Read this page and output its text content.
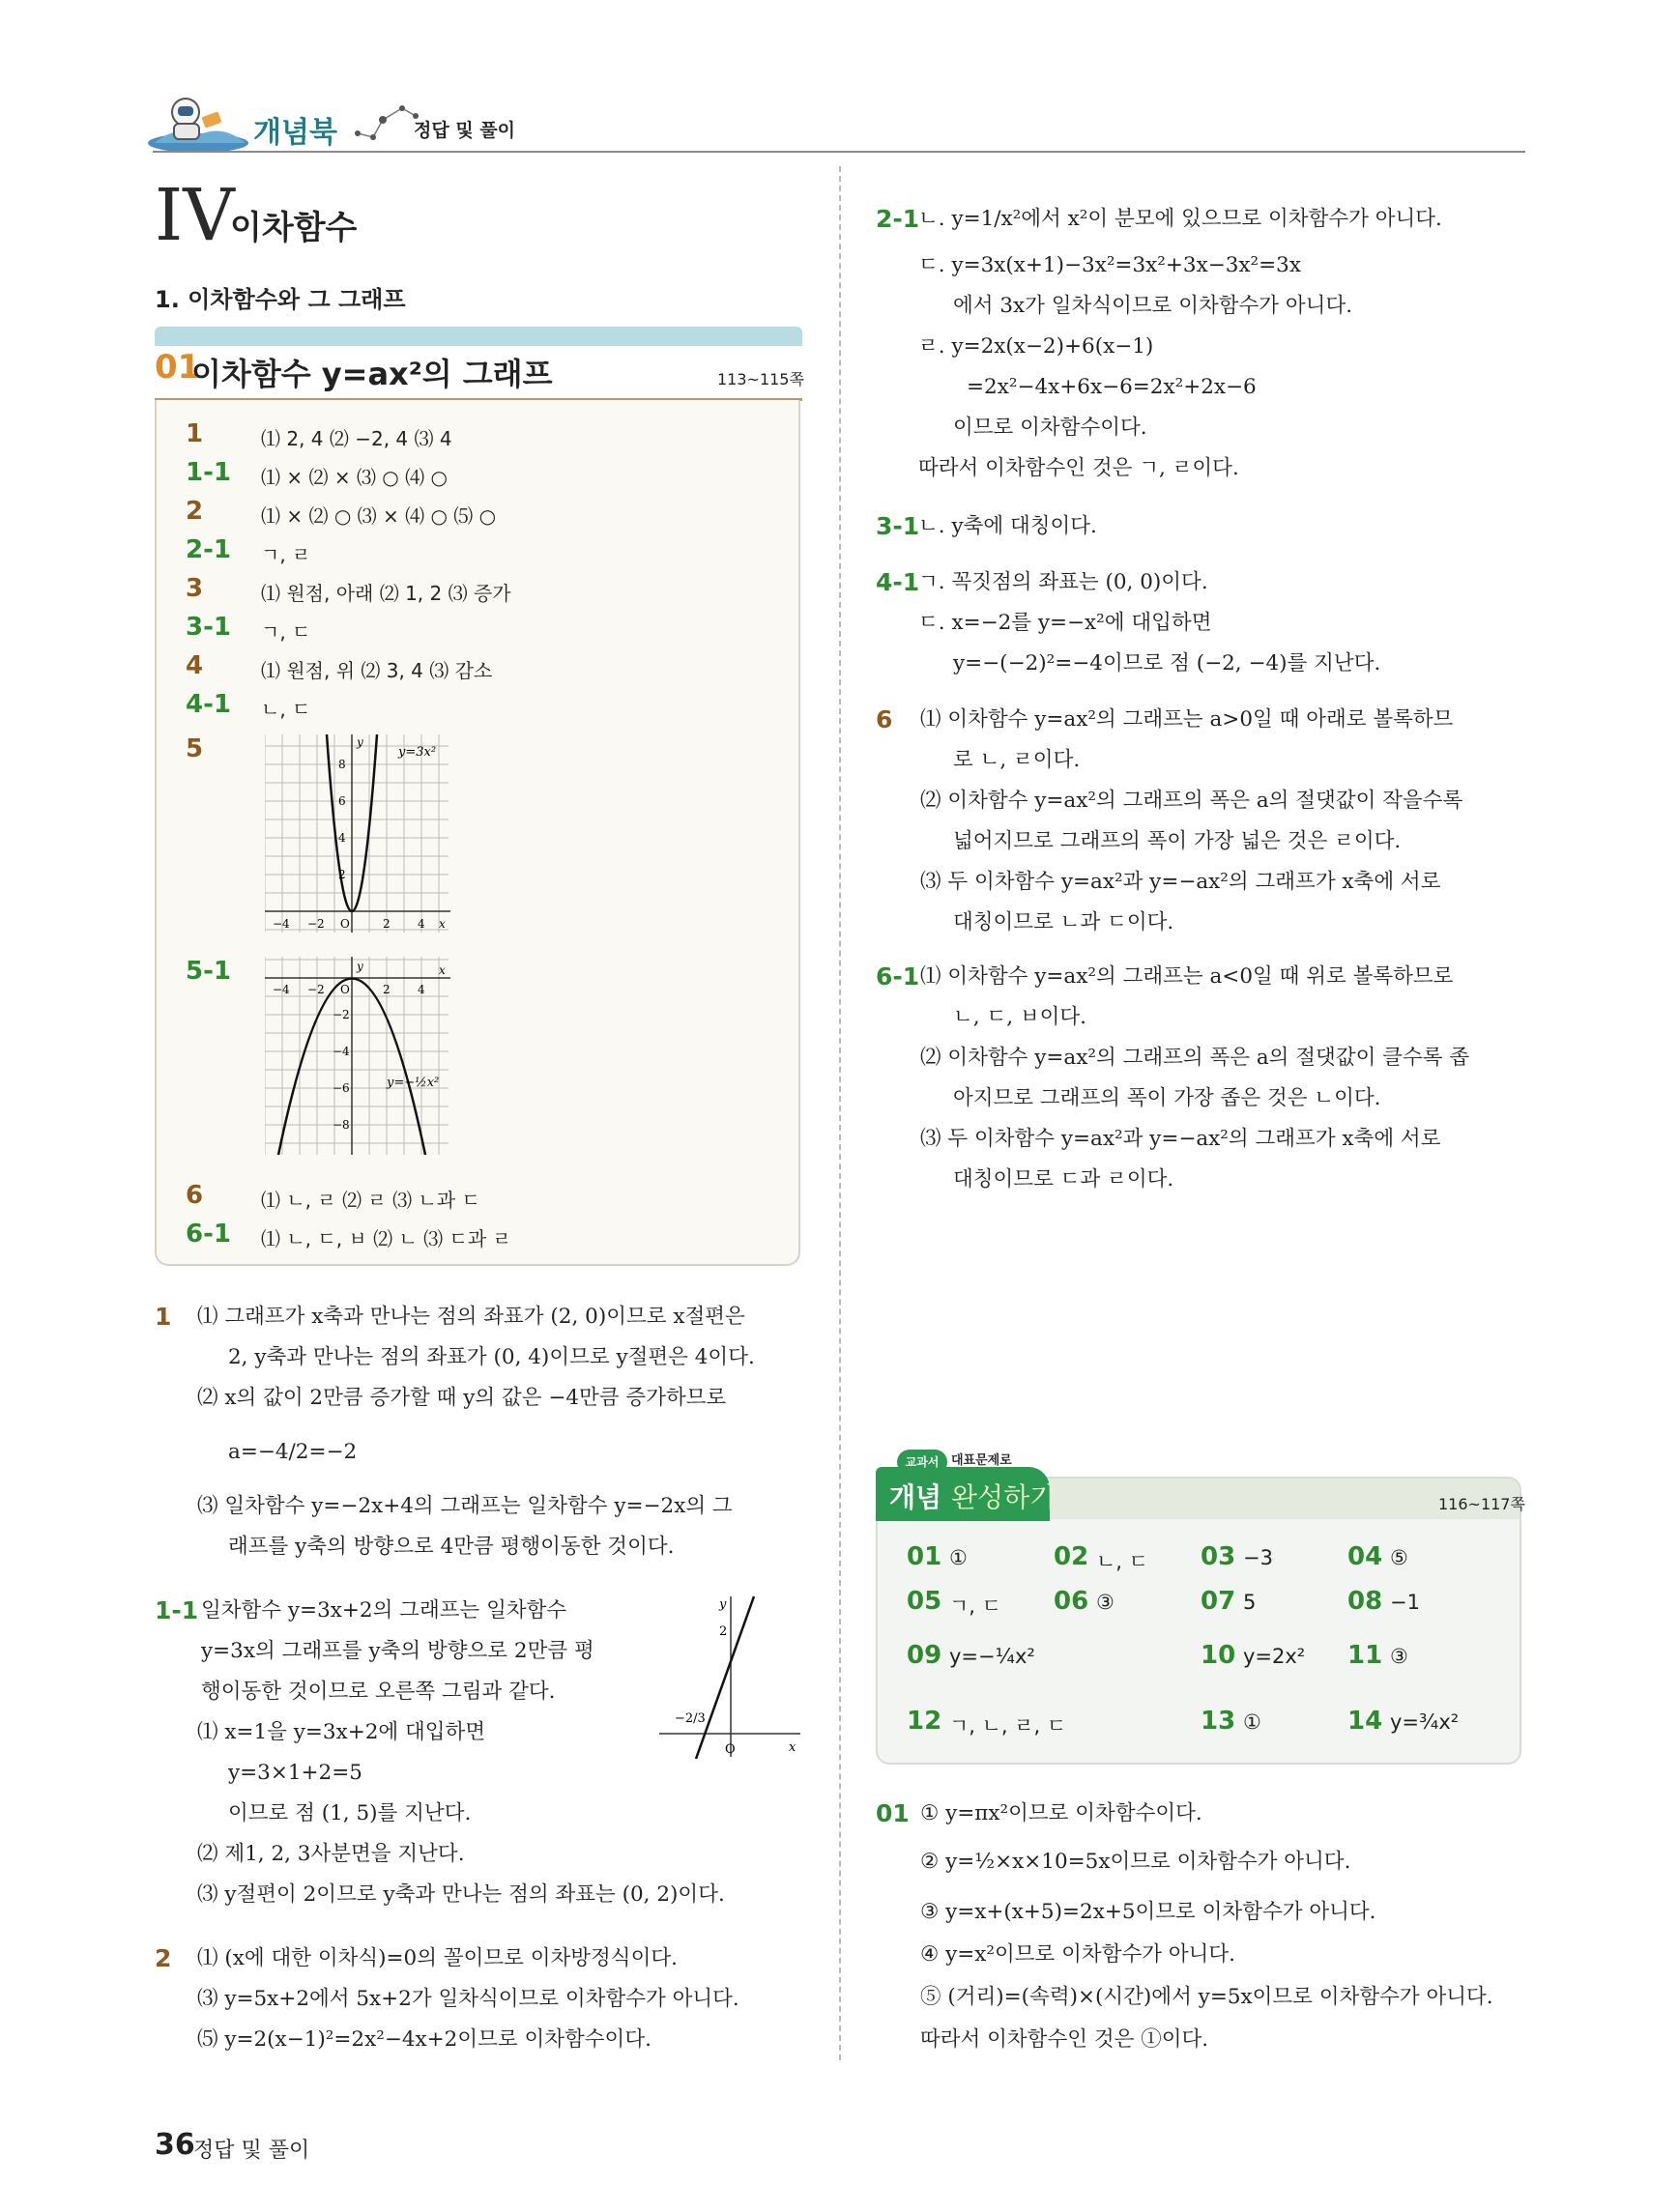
개념북	정답 및 풀이
IV
이차함수
1. 이차함수와 그 그래프
01
이차함수 y=ax²의 그래프	113~115쪽
1	⑴ 2, 4 ⑵ −2, 4 ⑶ 4
1-1 ⑴ × ⑵ × ⑶ ○ ⑷ ○
2	⑴ × ⑵ ○ ⑶ × ⑷ ○ ⑸ ○
2-1 ㄱ, ㄹ
3	⑴ 원점, 아래 ⑵ 1, 2 ⑶ 증가
3-1 ㄱ, ㄷ
4	⑴ 원점, 위 ⑵ 3, 4 ⑶ 감소
4-1 ㄴ, ㄷ
5
5-1
6	⑴ ㄴ, ㄹ ⑵ ㄹ ⑶ ㄴ과 ㄷ
6-1 ⑴ ㄴ, ㄷ, ㅂ ⑵ ㄴ ⑶ ㄷ과 ㄹ
y
x
y=3x²
8
6
4
2
−4 −2 O	2 4
y	x
y=−½x²
−2
−4
−6
−8
−4 −2 O	2 4
1 ⑴ 그래프가 x축과 만나는 점의 좌표가 (2, 0)이므로 x절편은
2, y축과 만나는 점의 좌표가 (0, 4)이므로 y절편은 4이다.
⑵ x의 값이 2만큼 증가할 때 y의 값은 −4만큼 증가하므로
a=−4/2=−2
⑶ 일차함수 y=−2x+4의 그래프는 일차함수 y=−2x의 그
래프를 y축의 방향으로 4만큼 평행이동한 것이다.
1-1 일차함수 y=3x+2의 그래프는 일차함수
y=3x의 그래프를 y축의 방향으로 2만큼 평
행이동한 것이므로 오른쪽 그림과 같다.
⑴ x=1을 y=3x+2에 대입하면
y=3×1+2=5
이므로 점 (1, 5)를 지난다.
⑵ 제1, 2, 3사분면을 지난다.
⑶ y절편이 2이므로 y축과 만나는 점의 좌표는 (0, 2)이다.
y
x
2
−2/3
O
2 ⑴ (x에 대한 이차식)=0의 꼴이므로 이차방정식이다.
⑶ y=5x+2에서 5x+2가 일차식이므로 이차함수가 아니다.
⑸ y=2(x−1)²=2x²−4x+2이므로 이차함수이다.
2-1
ㄴ. y=1/x²에서 x²이 분모에 있으므로 이차함수가 아니다.
ㄷ. y=3x(x+1)−3x²=3x²+3x−3x²=3x
에서 3x가 일차식이므로 이차함수가 아니다.
ㄹ. y=2x(x−2)+6(x−1)
=2x²−4x+6x−6=2x²+2x−6
이므로 이차함수이다.
따라서 이차함수인 것은 ㄱ, ㄹ이다.
3-1
ㄴ. y축에 대칭이다.
4-1
ㄱ. 꼭짓점의 좌표는 (0, 0)이다.
ㄷ. x=−2를 y=−x²에 대입하면
y=−(−2)²=−4이므로 점 (−2, −4)를 지난다.
6 ⑴ 이차함수 y=ax²의 그래프는 a>0일 때 아래로 볼록하므
로 ㄴ, ㄹ이다.
⑵ 이차함수 y=ax²의 그래프의 폭은 a의 절댓값이 작을수록
넓어지므로 그래프의 폭이 가장 넓은 것은 ㄹ이다.
⑶ 두 이차함수 y=ax²과 y=−ax²의 그래프가 x축에 서로
대칭이므로 ㄴ과 ㄷ이다.
6-1 ⑴ 이차함수 y=ax²의 그래프는 a<0일 때 위로 볼록하므로
ㄴ, ㄷ, ㅂ이다.
⑵ 이차함수 y=ax²의 그래프의 폭은 a의 절댓값이 클수록 좁
아지므로 그래프의 폭이 가장 좁은 것은 ㄴ이다.
⑶ 두 이차함수 y=ax²과 y=−ax²의 그래프가 x축에 서로
대칭이므로 ㄷ과 ㄹ이다.
교과서 대표문제로
개념 완성하기	116~117쪽
01 ①	02 ㄴ, ㄷ 03 −3	04 ⑤
05 ㄱ, ㄷ 06 ③	07 5	08 −1
09 y=−¼x²	10 y=2x² 11 ③
12 ㄱ, ㄴ, ㄹ, ㄷ	13 ①	14 y=¾x²
01 ① y=πx²이므로 이차함수이다.
② y=½×x×10=5x이므로 이차함수가 아니다.
③ y=x+(x+5)=2x+5이므로 이차함수가 아니다.
④ y=x²이므로 이차함수가 아니다.
⑤ (거리)=(속력)×(시간)에서 y=5x이므로 이차함수가 아니다.
따라서 이차함수인 것은 ①이다.
36
정답 및 풀이
